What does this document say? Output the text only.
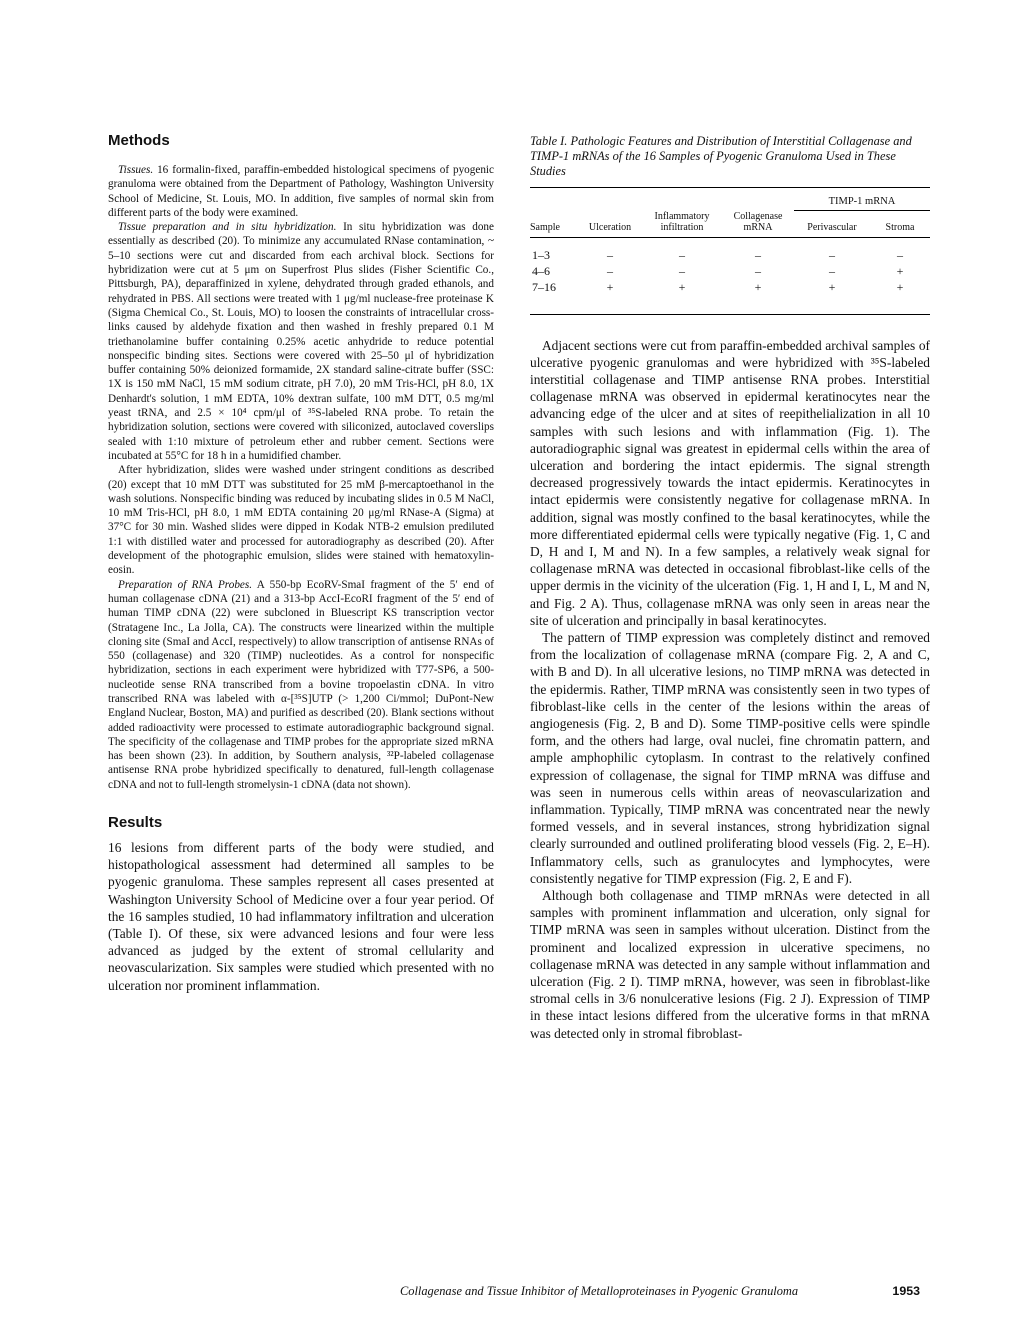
Methods

Tissues. 16 formalin-fixed, paraffin-embedded histological specimens of pyogenic granuloma were obtained from the Department of Pathology, Washington University School of Medicine, St. Louis, MO. In addition, five samples of normal skin from different parts of the body were examined.

Tissue preparation and in situ hybridization. In situ hybridization was done essentially as described (20). To minimize any accumulated RNase contamination, ~ 5–10 sections were cut and discarded from each archival block. Sections for hybridization were cut at 5 μm on Superfrost Plus slides (Fisher Scientific Co., Pittsburgh, PA), deparaffinized in xylene, dehydrated through graded ethanols, and rehydrated in PBS. All sections were treated with 1 μg/ml nuclease-free proteinase K (Sigma Chemical Co., St. Louis, MO) to loosen the constraints of intracellular cross-links caused by aldehyde fixation and then washed in freshly prepared 0.1 M triethanolamine buffer containing 0.25% acetic anhydride to reduce potential nonspecific binding sites. Sections were covered with 25–50 μl of hybridization buffer containing 50% deionized formamide, 2X standard saline-citrate buffer (SSC: 1X is 150 mM NaCl, 15 mM sodium citrate, pH 7.0), 20 mM Tris-HCl, pH 8.0, 1X Denhardt's solution, 1 mM EDTA, 10% dextran sulfate, 100 mM DTT, 0.5 mg/ml yeast tRNA, and 2.5 × 10⁴ cpm/μl of ³⁵S-labeled RNA probe. To retain the hybridization solution, sections were covered with siliconized, autoclaved coverslips sealed with 1:10 mixture of petroleum ether and rubber cement. Sections were incubated at 55°C for 18 h in a humidified chamber.

After hybridization, slides were washed under stringent conditions as described (20) except that 10 mM DTT was substituted for 25 mM β-mercaptoethanol in the wash solutions. Nonspecific binding was reduced by incubating slides in 0.5 M NaCl, 10 mM Tris-HCl, pH 8.0, 1 mM EDTA containing 20 μg/ml RNase-A (Sigma) at 37°C for 30 min. Washed slides were dipped in Kodak NTB-2 emulsion prediluted 1:1 with distilled water and processed for autoradiography as described (20). After development of the photographic emulsion, slides were stained with hematoxylin-eosin.

Preparation of RNA Probes. A 550-bp EcoRV-SmaI fragment of the 5′ end of human collagenase cDNA (21) and a 313-bp AccI-EcoRI fragment of the 5′ end of human TIMP cDNA (22) were subcloned in Bluescript KS transcription vector (Stratagene Inc., La Jolla, CA). The constructs were linearized within the multiple cloning site (SmaI and AccI, respectively) to allow transcription of antisense RNAs of 550 (collagenase) and 320 (TIMP) nucleotides. As a control for nonspecific hybridization, sections in each experiment were hybridized with T77-SP6, a 500-nucleotide sense RNA transcribed from a bovine tropoelastin cDNA. In vitro transcribed RNA was labeled with α-[³⁵S]UTP (> 1,200 Ci/mmol; DuPont-New England Nuclear, Boston, MA) and purified as described (20). Blank sections without added radioactivity were processed to estimate autoradiographic background signal. The specificity of the collagenase and TIMP probes for the appropriate sized mRNA has been shown (23). In addition, by Southern analysis, ³²P-labeled collagenase antisense RNA probe hybridized specifically to denatured, full-length collagenase cDNA and not to full-length stromelysin-1 cDNA (data not shown).

Results

16 lesions from different parts of the body were studied, and histopathological assessment had determined all samples to be pyogenic granuloma. These samples represent all cases presented at Washington University School of Medicine over a four year period. Of the 16 samples studied, 10 had inflammatory infiltration and ulceration (Table I). Of these, six were advanced lesions and four were less advanced as judged by the extent of stromal cellularity and neovascularization. Six samples were studied which presented with no ulceration nor prominent inflammation.

Table I. Pathologic Features and Distribution of Interstitial Collagenase and TIMP-1 mRNAs of the 16 Samples of Pyogenic Granuloma Used in These Studies
				TIMP-1 mRNA	
Sample	Ulceration	Inflammatory infiltration	Collagenase mRNA	Perivascular	Stroma

1–3	–	–	–	–	–
4–6	–	–	–	–	+
7–16	+	+	+	+	+

Adjacent sections were cut from paraffin-embedded archival samples of ulcerative pyogenic granulomas and were hybridized with ³⁵S-labeled interstitial collagenase and TIMP antisense RNA probes. Interstitial collagenase mRNA was observed in epidermal keratinocytes near the advancing edge of the ulcer and at sites of reepithelialization in all 10 samples with such lesions and with inflammation (Fig. 1). The autoradiographic signal was greatest in epidermal cells within the area of ulceration and bordering the intact epidermis. The signal strength decreased progressively towards the intact epidermis. Keratinocytes in intact epidermis were consistently negative for collagenase mRNA. In addition, signal was mostly confined to the basal keratinocytes, while the more differentiated epidermal cells were typically negative (Fig. 1, C and D, H and I, M and N). In a few samples, a relatively weak signal for collagenase mRNA was detected in occasional fibroblast-like cells of the upper dermis in the vicinity of the ulceration (Fig. 1, H and I, L, M and N, and Fig. 2 A). Thus, collagenase mRNA was only seen in areas near the site of ulceration and principally in basal keratinocytes.

The pattern of TIMP expression was completely distinct and removed from the localization of collagenase mRNA (compare Fig. 2, A and C, with B and D). In all ulcerative lesions, no TIMP mRNA was detected in the epidermis. Rather, TIMP mRNA was consistently seen in two types of fibroblast-like cells in the center of the lesions within the areas of angiogenesis (Fig. 2, B and D). Some TIMP-positive cells were spindle form, and the others had large, oval nuclei, fine chromatin pattern, and ample amphophilic cytoplasm. In contrast to the relatively confined expression of collagenase, the signal for TIMP mRNA was diffuse and was seen in numerous cells within areas of neovascularization and inflammation. Typically, TIMP mRNA was concentrated near the newly formed vessels, and in several instances, strong hybridization signal clearly surrounded and outlined proliferating blood vessels (Fig. 2, E–H). Inflammatory cells, such as granulocytes and lymphocytes, were consistently negative for TIMP expression (Fig. 2, E and F).

Although both collagenase and TIMP mRNAs were detected in all samples with prominent inflammation and ulceration, only signal for TIMP mRNA was seen in samples without ulceration. Distinct from the prominent and localized expression in ulcerative specimens, no collagenase mRNA was detected in any sample without inflammation and ulceration (Fig. 2 I). TIMP mRNA, however, was seen in fibroblast-like stromal cells in 3/6 nonulcerative lesions (Fig. 2 J). Expression of TIMP in these intact lesions differed from the ulcerative forms in that mRNA was detected only in stromal fibroblast-

Collagenase and Tissue Inhibitor of Metalloproteinases in Pyogenic Granuloma	1953
